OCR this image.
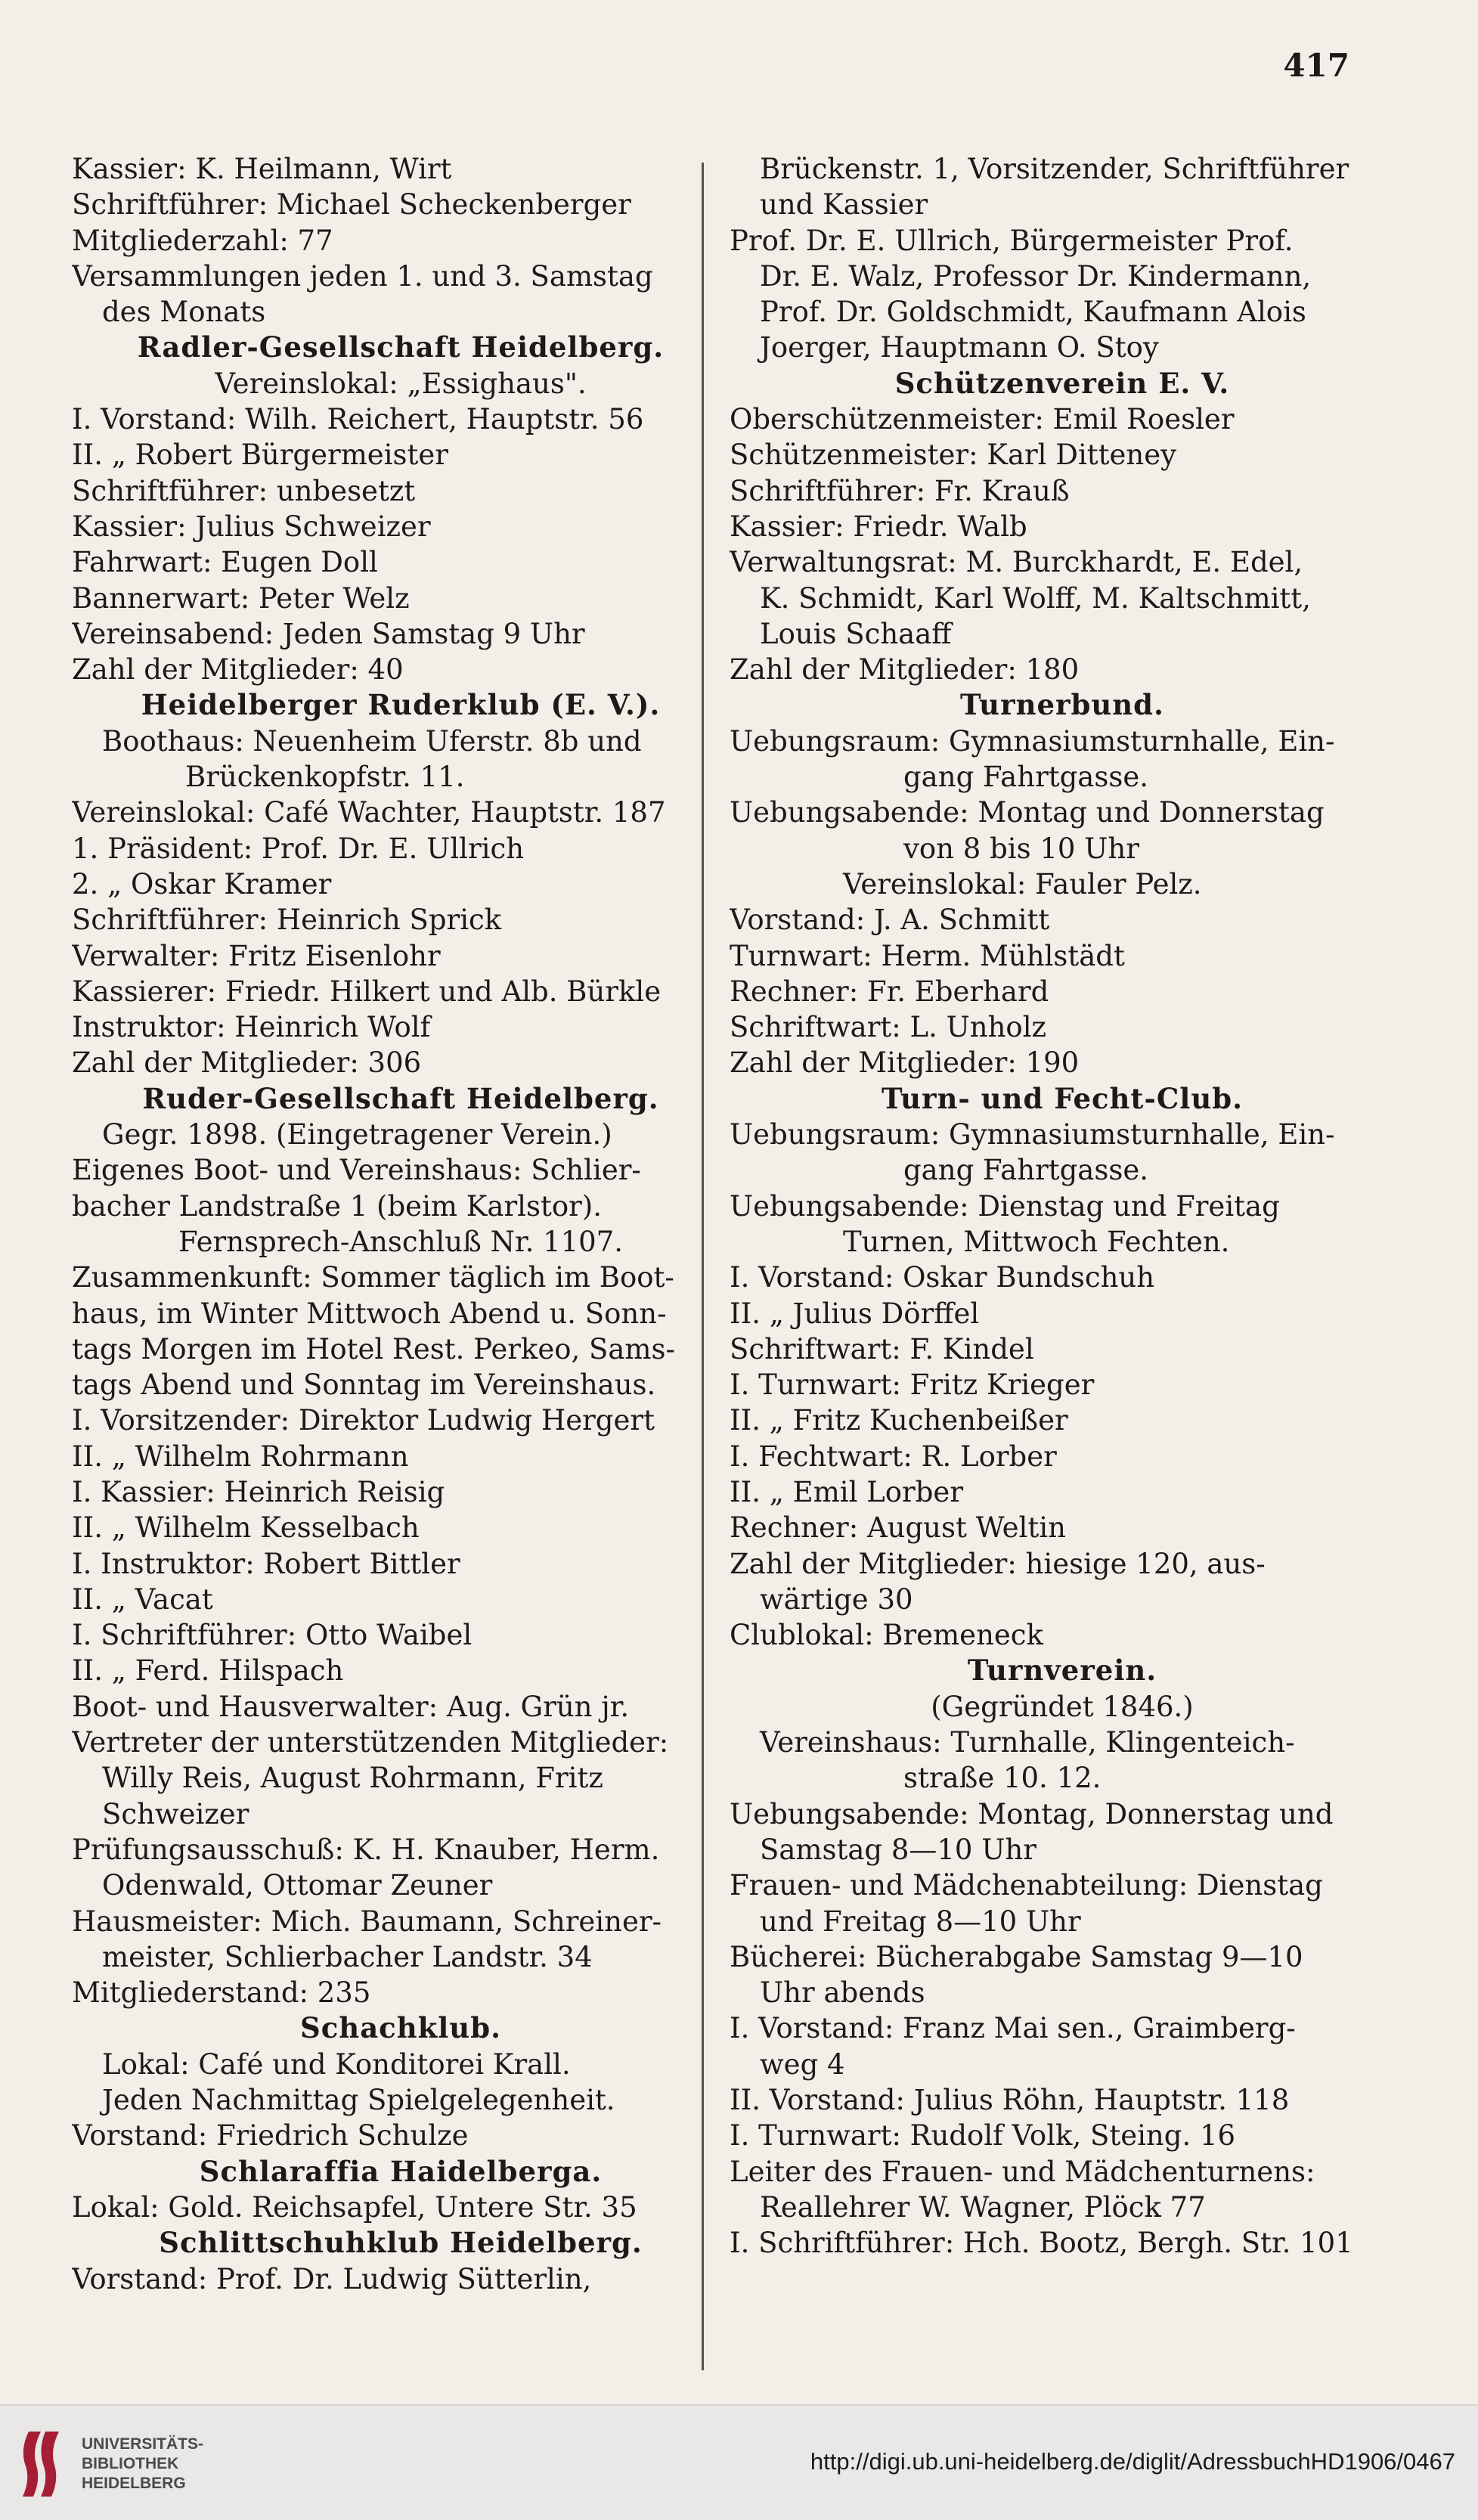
417
Kassier: K. Heilmann, Wirt
Schriftführer: Michael Scheckenberger
Mitgliederzahl: 77
Versammlungen jeden 1. und 3. Samstag
des Monats
Radler-Gesellschaft Heidelberg.
Vereinslokal: „Essighaus".
I. Vorstand: Wilh. Reichert, Hauptstr. 56
II. „ Robert Bürgermeister
Schriftführer: unbesetzt
Kassier: Julius Schweizer
Fahrwart: Eugen Doll
Bannerwart: Peter Welz
Vereinsabend: Jeden Samstag 9 Uhr
Zahl der Mitglieder: 40
Heidelberger Ruderklub (E. V.).
Boothaus: Neuenheim Uferstr. 8b und
Brückenkopfstr. 11.
Vereinslokal: Café Wachter, Hauptstr. 187
1. Präsident: Prof. Dr. E. Ullrich
2. „ Oskar Kramer
Schriftführer: Heinrich Sprick
Verwalter: Fritz Eisenlohr
Kassierer: Friedr. Hilkert und Alb. Bürkle
Instruktor: Heinrich Wolf
Zahl der Mitglieder: 306
Ruder-Gesellschaft Heidelberg.
Gegr. 1898. (Eingetragener Verein.)
Eigenes Boot- und Vereinshaus: Schlier-
bacher Landstraße 1 (beim Karlstor).
Fernsprech-Anschluß Nr. 1107.
Zusammenkunft: Sommer täglich im Boot-
haus, im Winter Mittwoch Abend u. Sonn-
tags Morgen im Hotel Rest. Perkeo, Sams-
tags Abend und Sonntag im Vereinshaus.
I. Vorsitzender: Direktor Ludwig Hergert
II. „ Wilhelm Rohrmann
I. Kassier: Heinrich Reisig
II. „ Wilhelm Kesselbach
I. Instruktor: Robert Bittler
II. „ Vacat
I. Schriftführer: Otto Waibel
II. „ Ferd. Hilspach
Boot- und Hausverwalter: Aug. Grün jr.
Vertreter der unterstützenden Mitglieder:
Willy Reis, August Rohrmann, Fritz
Schweizer
Prüfungsausschuß: K. H. Knauber, Herm.
Odenwald, Ottomar Zeuner
Hausmeister: Mich. Baumann, Schreiner-
meister, Schlierbacher Landstr. 34
Mitgliederstand: 235
Schachklub.
Lokal: Café und Konditorei Krall.
Jeden Nachmittag Spielgelegenheit.
Vorstand: Friedrich Schulze
Schlaraffia Haidelberga.
Lokal: Gold. Reichsapfel, Untere Str. 35
Schlittschuhklub Heidelberg.
Vorstand: Prof. Dr. Ludwig Sütterlin,
Brückenstr. 1, Vorsitzender, Schriftführer
und Kassier
Prof. Dr. E. Ullrich, Bürgermeister Prof.
Dr. E. Walz, Professor Dr. Kindermann,
Prof. Dr. Goldschmidt, Kaufmann Alois
Joerger, Hauptmann O. Stoy
Schützenverein E. V.
Oberschützenmeister: Emil Roesler
Schützenmeister: Karl Ditteney
Schriftführer: Fr. Krauß
Kassier: Friedr. Walb
Verwaltungsrat: M. Burckhardt, E. Edel,
K. Schmidt, Karl Wolff, M. Kaltschmitt,
Louis Schaaff
Zahl der Mitglieder: 180
Turnerbund.
Uebungsraum: Gymnasiumsturnhalle, Ein-
gang Fahrtgasse.
Uebungsabende: Montag und Donnerstag
von 8 bis 10 Uhr
Vereinslokal: Fauler Pelz.
Vorstand: J. A. Schmitt
Turnwart: Herm. Mühlstädt
Rechner: Fr. Eberhard
Schriftwart: L. Unholz
Zahl der Mitglieder: 190
Turn- und Fecht-Club.
Uebungsraum: Gymnasiumsturnhalle, Ein-
gang Fahrtgasse.
Uebungsabende: Dienstag und Freitag
Turnen, Mittwoch Fechten.
I. Vorstand: Oskar Bundschuh
II. „ Julius Dörffel
Schriftwart: F. Kindel
I. Turnwart: Fritz Krieger
II. „ Fritz Kuchenbeißer
I. Fechtwart: R. Lorber
II. „ Emil Lorber
Rechner: August Weltin
Zahl der Mitglieder: hiesige 120, aus-
wärtige 30
Clublokal: Bremeneck
Turnverein.
(Gegründet 1846.)
Vereinshaus: Turnhalle, Klingenteich-
straße 10. 12.
Uebungsabende: Montag, Donnerstag und
Samstag 8—10 Uhr
Frauen- und Mädchenabteilung: Dienstag
und Freitag 8—10 Uhr
Bücherei: Bücherabgabe Samstag 9—10
Uhr abends
I. Vorstand: Franz Mai sen., Graimberg-
weg 4
II. Vorstand: Julius Röhn, Hauptstr. 118
I. Turnwart: Rudolf Volk, Steing. 16
Leiter des Frauen- und Mädchenturnens:
Reallehrer W. Wagner, Plöck 77
I. Schriftführer: Hch. Bootz, Bergh. Str. 101
UNIVERSITÄTS-
BIBLIOTHEK
HEIDELBERG
http://digi.ub.uni-heidelberg.de/diglit/AdressbuchHD1906/0467
